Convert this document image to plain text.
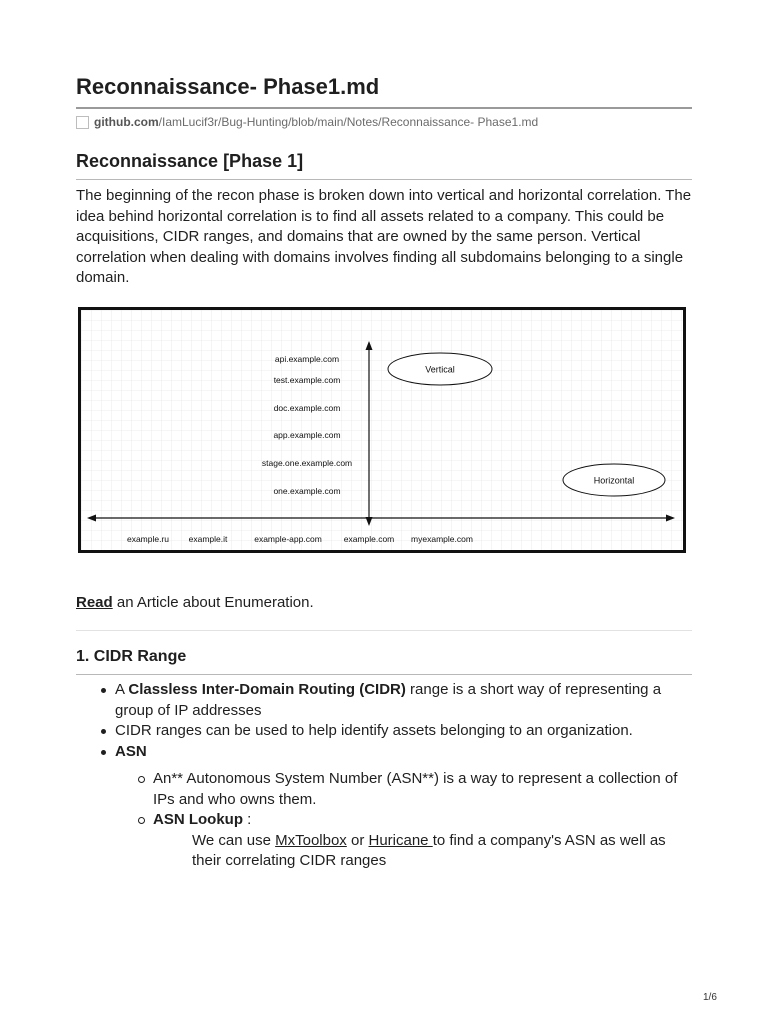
Reconnaissance- Phase1.md
github.com /IamLucif3r/Bug-Hunting/blob/main/Notes/Reconnaissance- Phase1.md
Reconnaissance [Phase 1]

The beginning of the recon phase is broken down into vertical and horizontal correlation. The idea behind horizontal correlation is to find all assets related to a company. This could be acquisitions, CIDR ranges, and domains that are owned by the same person. Vertical correlation when dealing with domains involves finding all subdomains belonging to a single domain.

Vertical
Horizontal
api.example.com
test.example.com
doc.example.com
app.example.com
stage.one.example.com
one.example.com
example.ru example.it	example-app.com	example.com myexample.com
Read an Article about Enumeration.
1. CIDR Range
A Classless Inter-Domain Routing (CIDR) range is a short way of representing a group of IP addresses
CIDR ranges can be used to help identify assets belonging to an organization.
ASN
An** Autonomous System Number (ASN**) is a way to represent a collection of IPs and who owns them.
ASN Lookup :
We can use MxToolbox or Huricane to find a company's ASN as well as their correlating CIDR ranges
1/6
